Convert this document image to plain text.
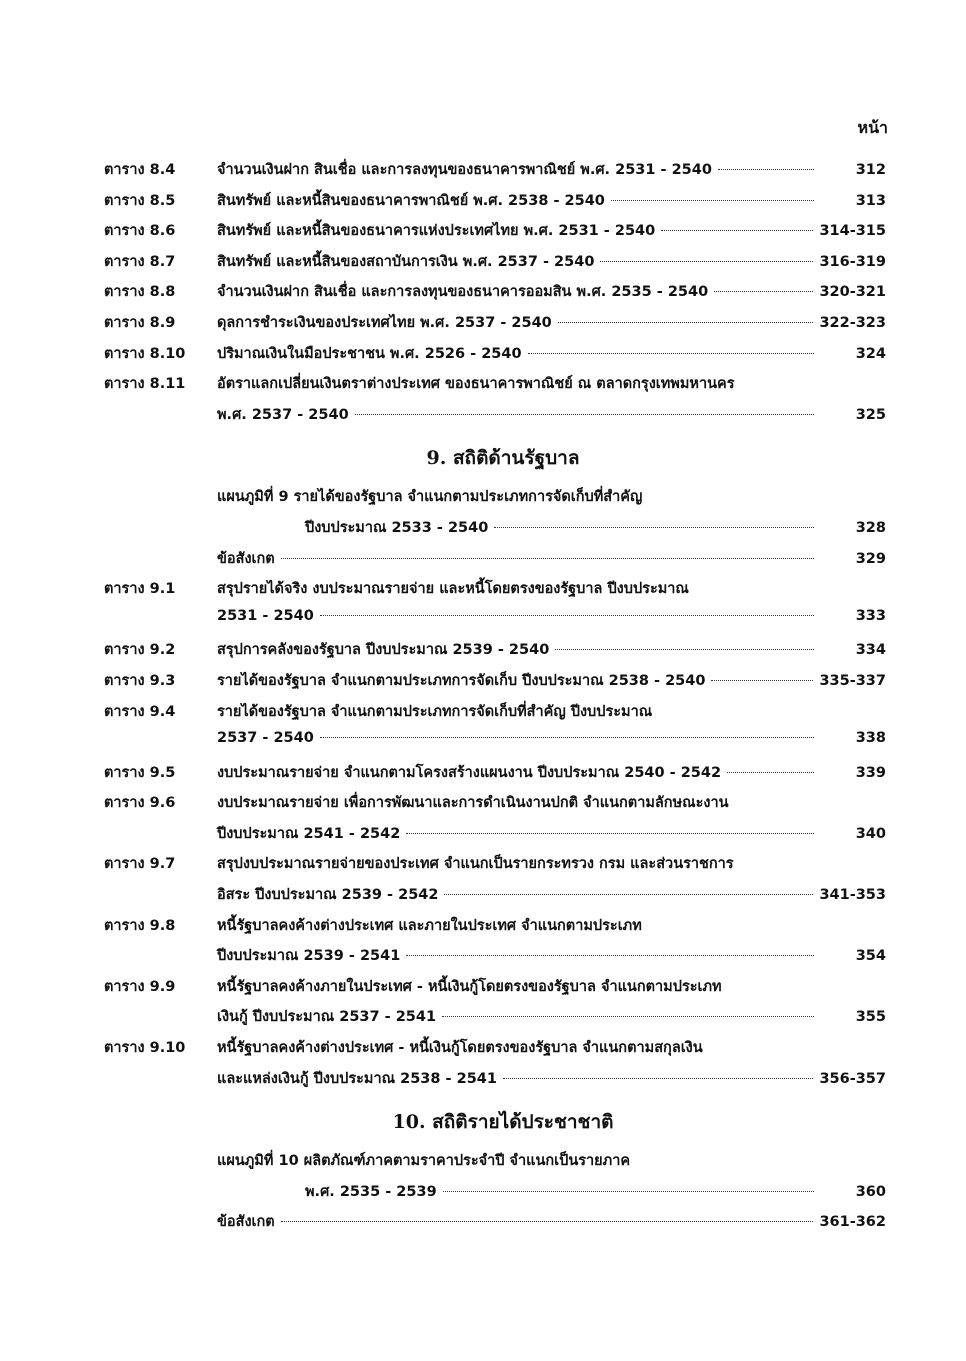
หน้า
ตาราง 8.4	จำนวนเงินฝาก สินเชื่อ และการลงทุนของธนาคารพาณิชย์ พ.ศ. 2531 - 2540	312
ตาราง 8.5	สินทรัพย์ และหนี้สินของธนาคารพาณิชย์ พ.ศ. 2538 - 2540	313
ตาราง 8.6	สินทรัพย์ และหนี้สินของธนาคารแห่งประเทศไทย พ.ศ. 2531 - 2540	314-315
ตาราง 8.7	สินทรัพย์ และหนี้สินของสถาบันการเงิน พ.ศ. 2537 - 2540	316-319
ตาราง 8.8	จำนวนเงินฝาก สินเชื่อ และการลงทุนของธนาคารออมสิน พ.ศ. 2535 - 2540	320-321
ตาราง 8.9	ดุลการชำระเงินของประเทศไทย พ.ศ. 2537 - 2540	322-323
ตาราง 8.10 ปริมาณเงินในมือประชาชน พ.ศ. 2526 - 2540	324
ตาราง 8.11 อัตราแลกเปลี่ยนเงินตราต่างประเทศ ของธนาคารพาณิชย์ ณ ตลาดกรุงเทพมหานคร
พ.ศ. 2537 - 2540	325
9. สถิติด้านรัฐบาล
แผนภูมิที่ 9 รายได้ของรัฐบาล จำแนกตามประเภทการจัดเก็บที่สำคัญ
ปีงบประมาณ 2533 - 2540	328
ข้อสังเกต	329
ตาราง 9.1	สรุปรายได้จริง งบประมาณรายจ่าย และหนี้โดยตรงของรัฐบาล ปีงบประมาณ
2531 - 2540	333
ตาราง 9.2	สรุปการคลังของรัฐบาล ปีงบประมาณ 2539 - 2540	334
ตาราง 9.3	รายได้ของรัฐบาล จำแนกตามประเภทการจัดเก็บ ปีงบประมาณ 2538 - 2540	335-337
ตาราง 9.4	รายได้ของรัฐบาล จำแนกตามประเภทการจัดเก็บที่สำคัญ ปีงบประมาณ
2537 - 2540	338
ตาราง 9.5	งบประมาณรายจ่าย จำแนกตามโครงสร้างแผนงาน ปีงบประมาณ 2540 - 2542	339
ตาราง 9.6	งบประมาณรายจ่าย เพื่อการพัฒนาและการดำเนินงานปกติ จำแนกตามลักษณะงาน
ปีงบประมาณ 2541 - 2542	340
ตาราง 9.7	สรุปงบประมาณรายจ่ายของประเทศ จำแนกเป็นรายกระทรวง กรม และส่วนราชการ
อิสระ ปีงบประมาณ 2539 - 2542	341-353
ตาราง 9.8	หนี้รัฐบาลคงค้างต่างประเทศ และภายในประเทศ จำแนกตามประเภท
ปีงบประมาณ 2539 - 2541	354
ตาราง 9.9	หนี้รัฐบาลคงค้างภายในประเทศ - หนี้เงินกู้โดยตรงของรัฐบาล จำแนกตามประเภท
เงินกู้ ปีงบประมาณ 2537 - 2541	355
ตาราง 9.10 หนี้รัฐบาลคงค้างต่างประเทศ - หนี้เงินกู้โดยตรงของรัฐบาล จำแนกตามสกุลเงิน
และแหล่งเงินกู้ ปีงบประมาณ 2538 - 2541	356-357
10. สถิติรายได้ประชาชาติ
แผนภูมิที่ 10 ผลิตภัณฑ์ภาคตามราคาประจำปี จำแนกเป็นรายภาค
พ.ศ. 2535 - 2539	360
ข้อสังเกต	361-362
